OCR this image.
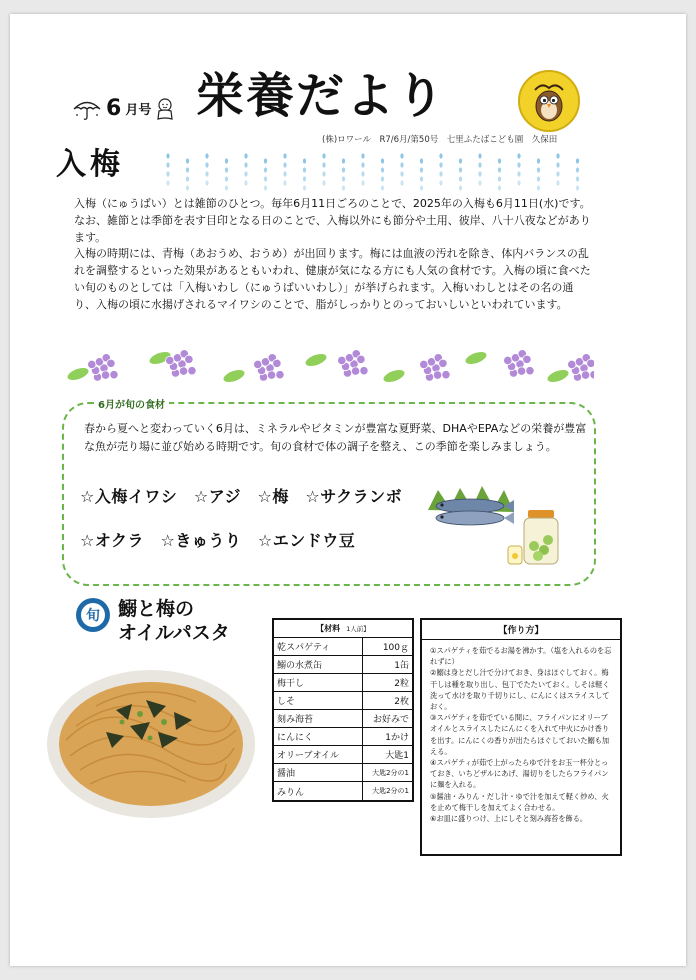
6 月号 栄養だより
(株)ロワール　R7/6月/第50号　七里ふたばこども園　久保田
入梅

入梅（にゅうばい）とは雑節のひとつ。毎年6月11日ごろのことで、2025年の入梅も6月11日(水)です。なお、雑節とは季節を表す目印となる日のことで、入梅以外にも節分や土用、彼岸、八十八夜などがあります。

入梅の時期には、青梅（あおうめ、おうめ）が出回ります。梅には血液の汚れを除き、体内バランスの乱れを調整するといった効果があるともいわれ、健康が気になる方にも人気の食材です。入梅の頃に食べたい旬のものとしては「入梅いわし（にゅうばいいわし）」が挙げられます。入梅いわしとはその名の通り、入梅の頃に水揚げされるマイワシのことで、脂がしっかりとのっておいしいといわれています。

6月が旬の食材
春から夏へと変わっていく6月は、ミネラルやビタミンが豊富な夏野菜、DHAやEPAなどの栄養が豊富な魚が売り場に並び始める時期です。旬の食材で体の調子を整え、この季節を楽しみましょう。
☆入梅イワシ　☆アジ　☆梅　☆サクランボ
☆オクラ　☆きゅうり　☆エンドウ豆
旬 鰯と梅の
オイルパスタ	【材料 1人前】
乾スパゲティ	100ｇ
鰯の水煮缶	1缶
梅干し	2粒
しそ	2枚
刻み海苔	お好みで
にんにく	1かけ
オリーブオイル	大匙1
醤油	大匙2分の1
みりん	大匙2分の1
【作り方】

①スパゲティを茹でるお湯を沸かす。（塩を入れるのを忘れずに）

②鰯は身とだし汁で分けておき、身はほぐしておく。梅干しは種を取り出し、包丁でたたいておく。しそは軽く洗って水けを取り千切りにし、にんにくはスライスしておく。

③スパゲティを茹でている間に、フライパンにオリーブオイルとスライスしたにんにくを入れて中火にかけ香りを出す。にんにくの香りが出たらほぐしておいた鰯も加える。

④スパゲティが茹で上がったらゆで汁をお玉一杯分とっておき、いちどザルにあげ、湯切りをしたらフライパンに麺を入れる。

⑤醤油・みりん・だし汁・ゆで汁を加えて軽く炒め、火を止めて梅干しを加えてよく合わせる。

⑥お皿に盛りつけ、上にしそと刻み海苔を飾る。
